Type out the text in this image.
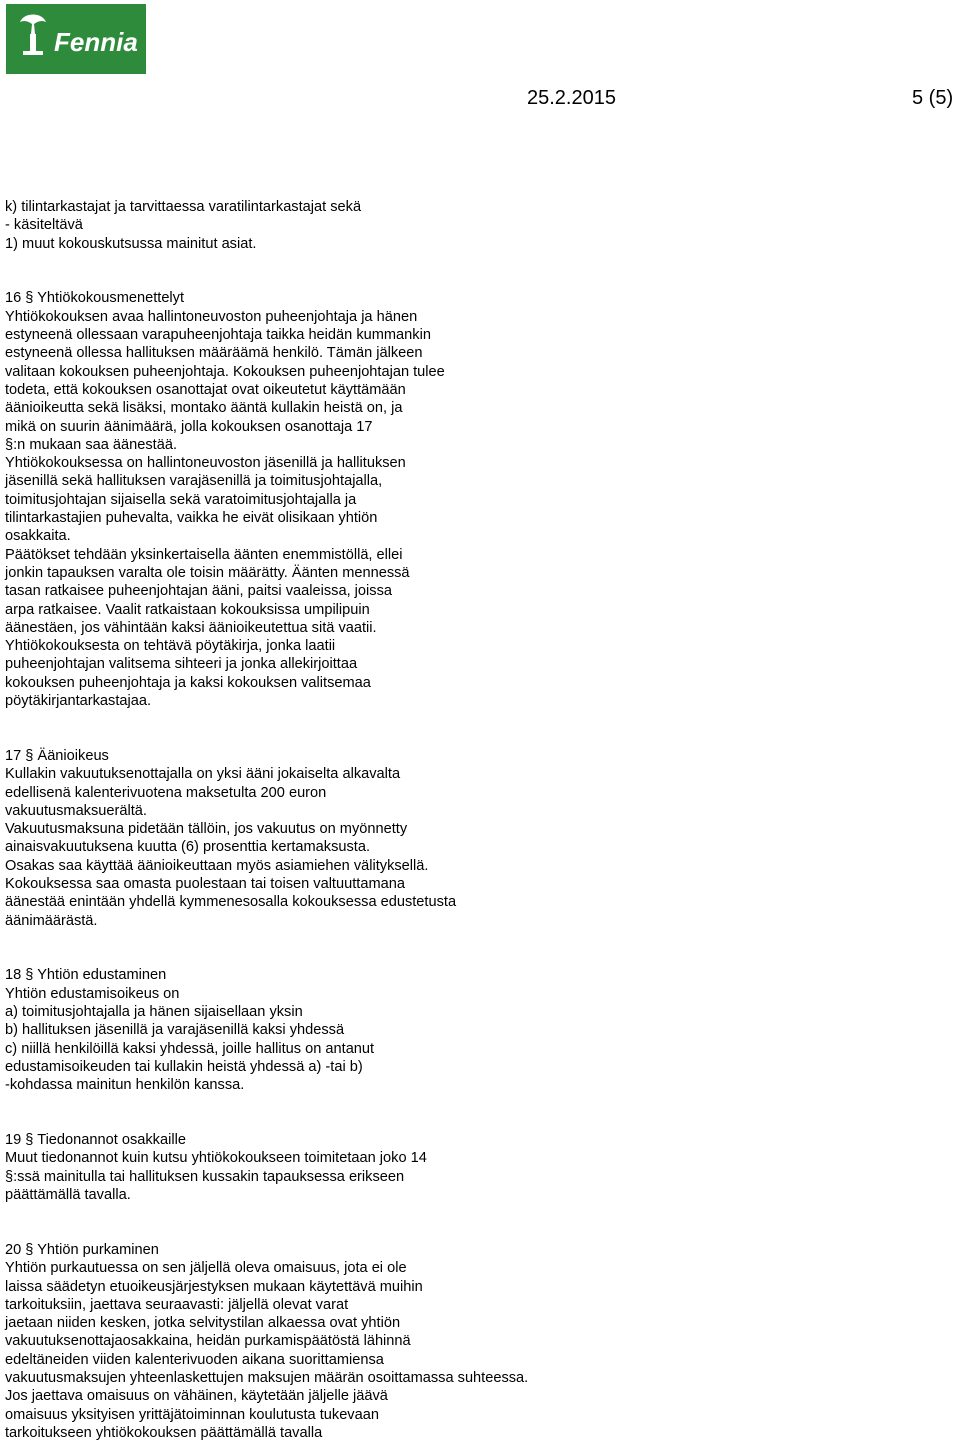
Fennia
25.2.2015	5 (5)
k) tilintarkastajat ja tarvittaessa varatilintarkastajat sekä
- käsiteltävä
1) muut kokouskutsussa mainitut asiat.
16 § Yhtiökokousmenettelyt
Yhtiökokouksen avaa hallintoneuvoston puheenjohtaja ja hänen
estyneenä ollessaan varapuheenjohtaja taikka heidän kummankin
estyneenä ollessa hallituksen määräämä henkilö. Tämän jälkeen
valitaan kokouksen puheenjohtaja. Kokouksen puheenjohtajan tulee
todeta, että kokouksen osanottajat ovat oikeutetut käyttämään
äänioikeutta sekä lisäksi, montako ääntä kullakin heistä on, ja
mikä on suurin äänimäärä, jolla kokouksen osanottaja 17
§:n mukaan saa äänestää.
Yhtiökokouksessa on hallintoneuvoston jäsenillä ja hallituksen
jäsenillä sekä hallituksen varajäsenillä ja toimitusjohtajalla,
toimitusjohtajan sijaisella sekä varatoimitusjohtajalla ja
tilintarkastajien puhevalta, vaikka he eivät olisikaan yhtiön
osakkaita.
Päätökset tehdään yksinkertaisella äänten enemmistöllä, ellei
jonkin tapauksen varalta ole toisin määrätty. Äänten mennessä
tasan ratkaisee puheenjohtajan ääni, paitsi vaaleissa, joissa
arpa ratkaisee. Vaalit ratkaistaan kokouksissa umpilipuin
äänestäen, jos vähintään kaksi äänioikeutettua sitä vaatii.
Yhtiökokouksesta on tehtävä pöytäkirja, jonka laatii
puheenjohtajan valitsema sihteeri ja jonka allekirjoittaa
kokouksen puheenjohtaja ja kaksi kokouksen valitsemaa
pöytäkirjantarkastajaa.
17 § Äänioikeus
Kullakin vakuutuksenottajalla on yksi ääni jokaiselta alkavalta
edellisenä kalenterivuotena maksetulta 200 euron
vakuutusmaksuerältä.
Vakuutusmaksuna pidetään tällöin, jos vakuutus on myönnetty
ainaisvakuutuksena kuutta (6) prosenttia kertamaksusta.
Osakas saa käyttää äänioikeuttaan myös asiamiehen välityksellä.
Kokouksessa saa omasta puolestaan tai toisen valtuuttamana
äänestää enintään yhdellä kymmenesosalla kokouksessa edustetusta
äänimäärästä.
18 § Yhtiön edustaminen
Yhtiön edustamisoikeus on
a) toimitusjohtajalla ja hänen sijaisellaan yksin
b) hallituksen jäsenillä ja varajäsenillä kaksi yhdessä
c) niillä henkilöillä kaksi yhdessä, joille hallitus on antanut
edustamisoikeuden tai kullakin heistä yhdessä a) -tai b)
-kohdassa mainitun henkilön kanssa.
19 § Tiedonannot osakkaille
Muut tiedonannot kuin kutsu yhtiökokoukseen toimitetaan joko 14
§:ssä mainitulla tai hallituksen kussakin tapauksessa erikseen
päättämällä tavalla.
20 § Yhtiön purkaminen
Yhtiön purkautuessa on sen jäljellä oleva omaisuus, jota ei ole
laissa säädetyn etuoikeusjärjestyksen mukaan käytettävä muihin
tarkoituksiin, jaettava seuraavasti: jäljellä olevat varat
jaetaan niiden kesken, jotka selvitystilan alkaessa ovat yhtiön
vakuutuksenottajaosakkaina, heidän purkamispäätöstä lähinnä
edeltäneiden viiden kalenterivuoden aikana suorittamiensa
vakuutusmaksujen yhteenlaskettujen maksujen määrän osoittamassa suhteessa.
Jos jaettava omaisuus on vähäinen, käytetään jäljelle jäävä
omaisuus yksityisen yrittäjätoiminnan koulutusta tukevaan
tarkoitukseen yhtiökokouksen päättämällä tavalla
